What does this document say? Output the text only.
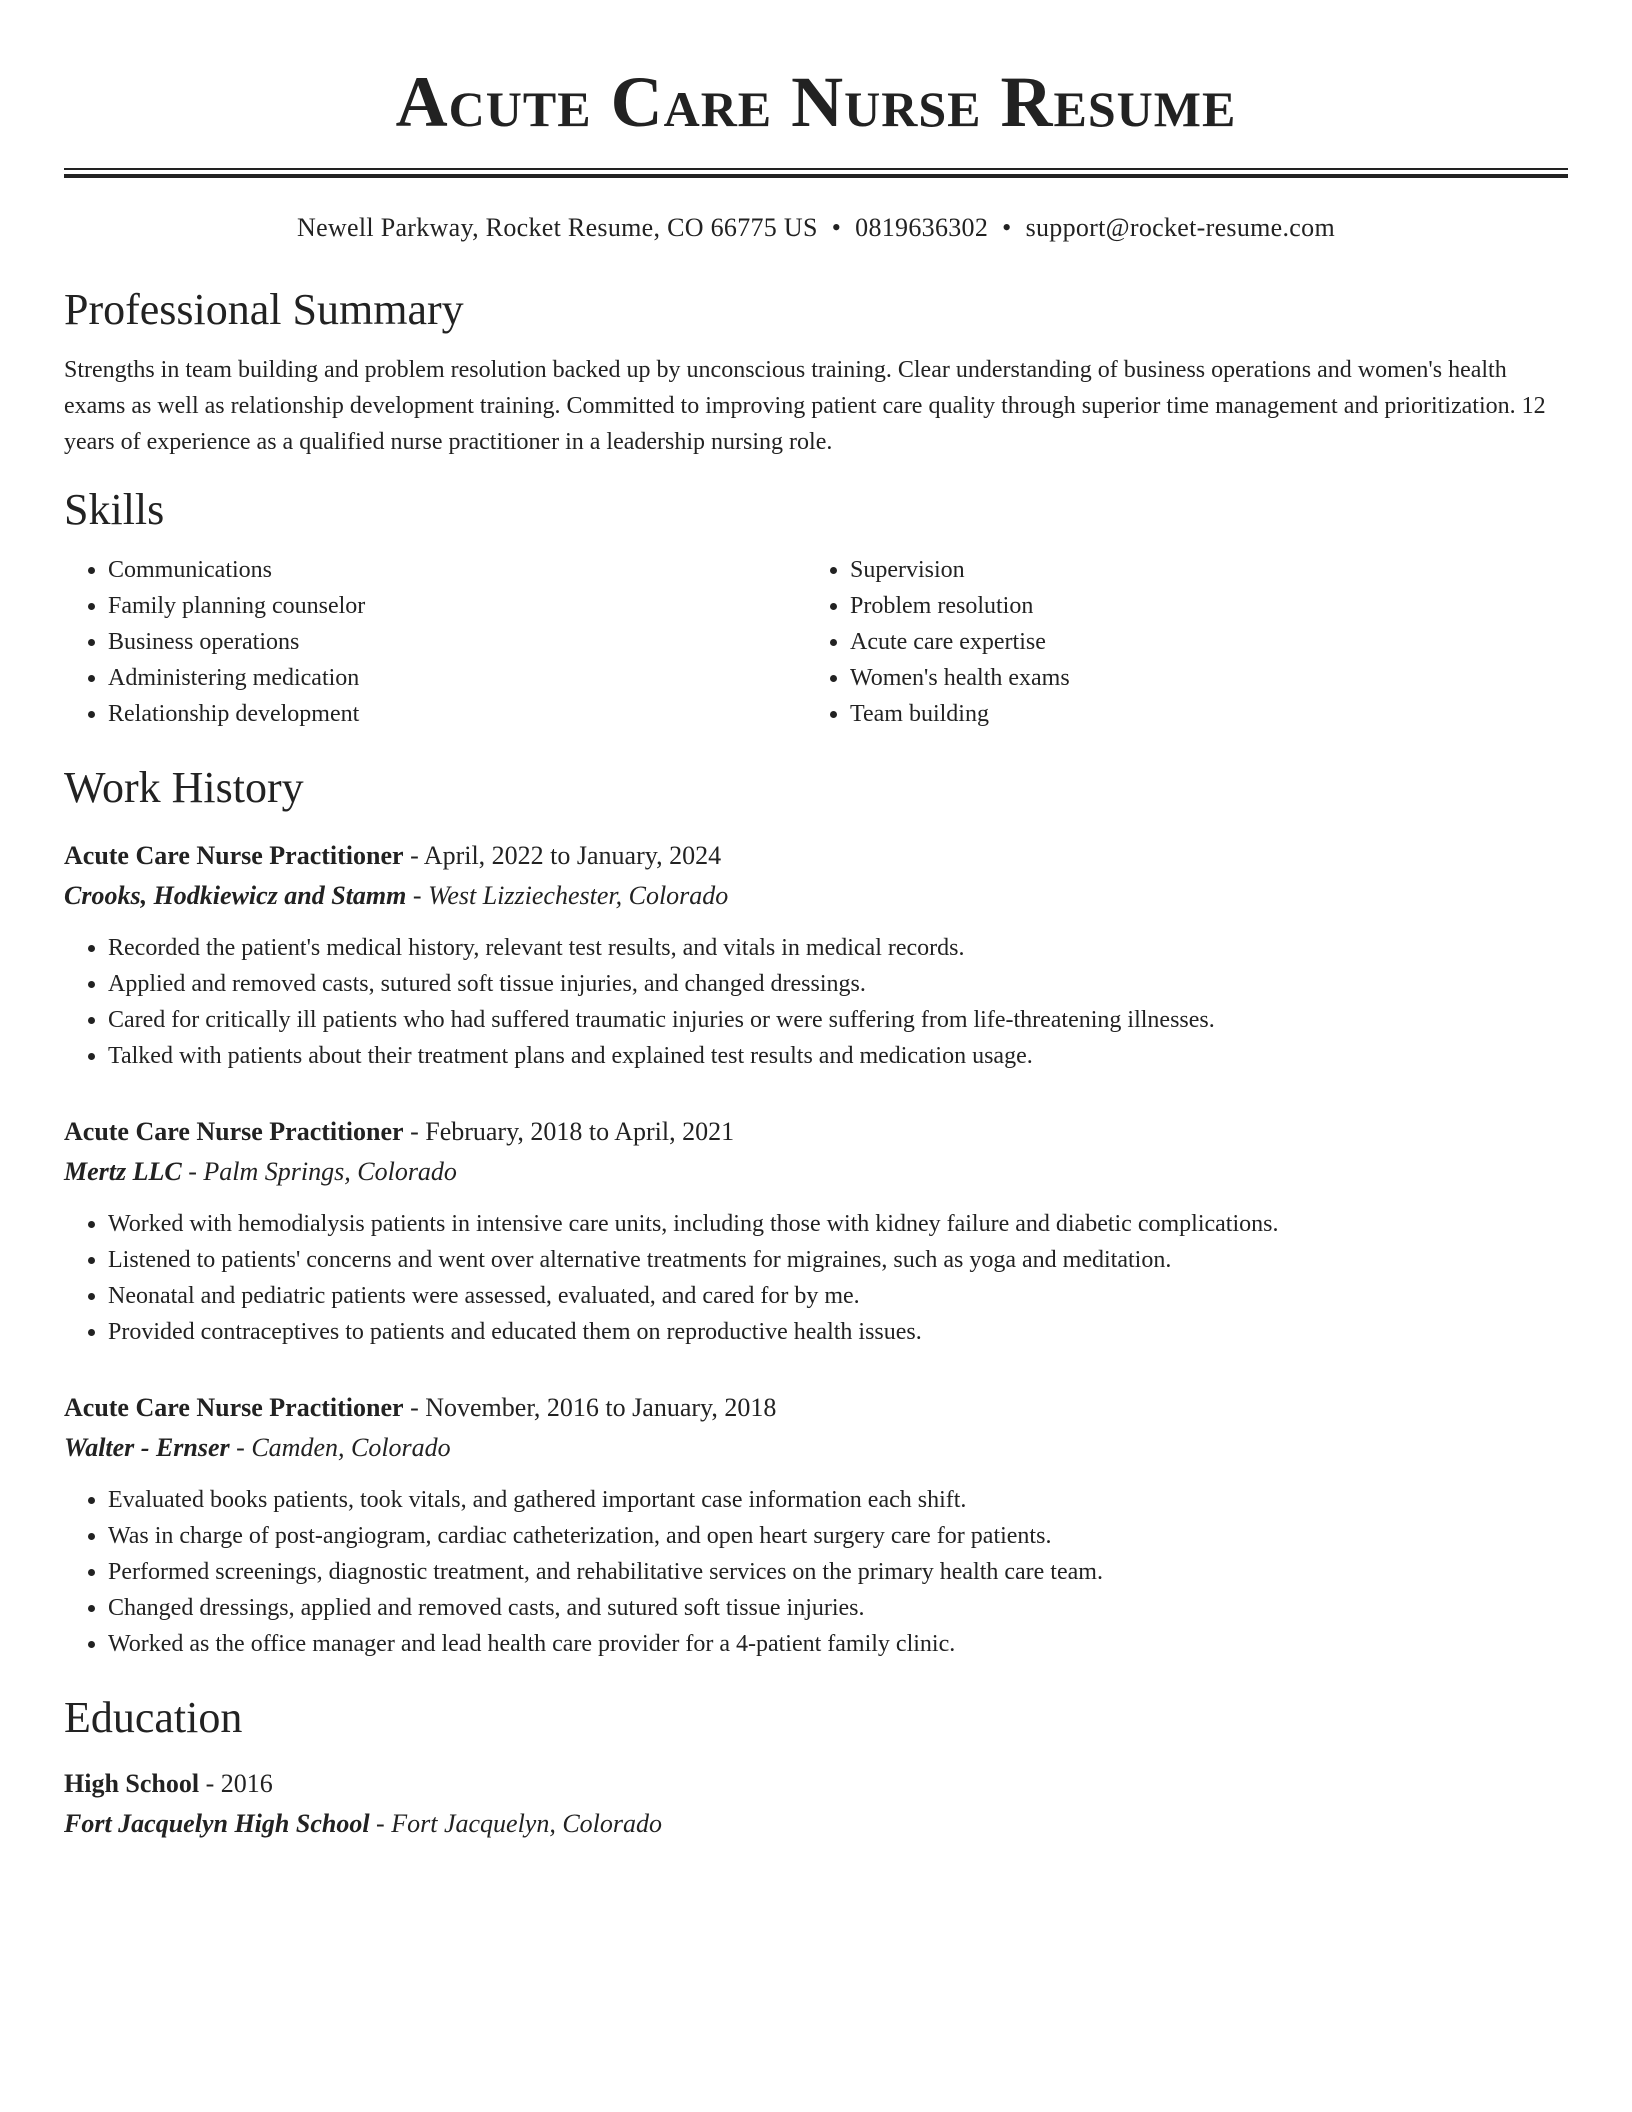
Acute Care Nurse Resume
Newell Parkway, Rocket Resume, CO 66775 US • 0819636302 • support@rocket-resume.com
Professional Summary

Strengths in team building and problem resolution backed up by unconscious training. Clear understanding of business operations and women's health exams as well as relationship development training. Committed to improving patient care quality through superior time management and prioritization. 12 years of experience as a qualified nurse practitioner in a leadership nursing role.

Skills
• Communications
• Family planning counselor
• Business operations
• Administering medication
• Relationship development
• Supervision
• Problem resolution
• Acute care expertise
• Women's health exams
• Team building
Work History
Acute Care Nurse Practitioner - April, 2022 to January, 2024
Crooks, Hodkiewicz and Stamm - West Lizziechester, Colorado
• Recorded the patient's medical history, relevant test results, and vitals in medical records.
• Applied and removed casts, sutured soft tissue injuries, and changed dressings.
• Cared for critically ill patients who had suffered traumatic injuries or were suffering from life-threatening illnesses.
• Talked with patients about their treatment plans and explained test results and medication usage.
Acute Care Nurse Practitioner - February, 2018 to April, 2021
Mertz LLC - Palm Springs, Colorado
• Worked with hemodialysis patients in intensive care units, including those with kidney failure and diabetic complications.
• Listened to patients' concerns and went over alternative treatments for migraines, such as yoga and meditation.
• Neonatal and pediatric patients were assessed, evaluated, and cared for by me.
• Provided contraceptives to patients and educated them on reproductive health issues.
Acute Care Nurse Practitioner - November, 2016 to January, 2018
Walter - Ernser - Camden, Colorado
• Evaluated books patients, took vitals, and gathered important case information each shift.
• Was in charge of post-angiogram, cardiac catheterization, and open heart surgery care for patients.
• Performed screenings, diagnostic treatment, and rehabilitative services on the primary health care team.
• Changed dressings, applied and removed casts, and sutured soft tissue injuries.
• Worked as the office manager and lead health care provider for a 4-patient family clinic.
Education
High School - 2016
Fort Jacquelyn High School - Fort Jacquelyn, Colorado
